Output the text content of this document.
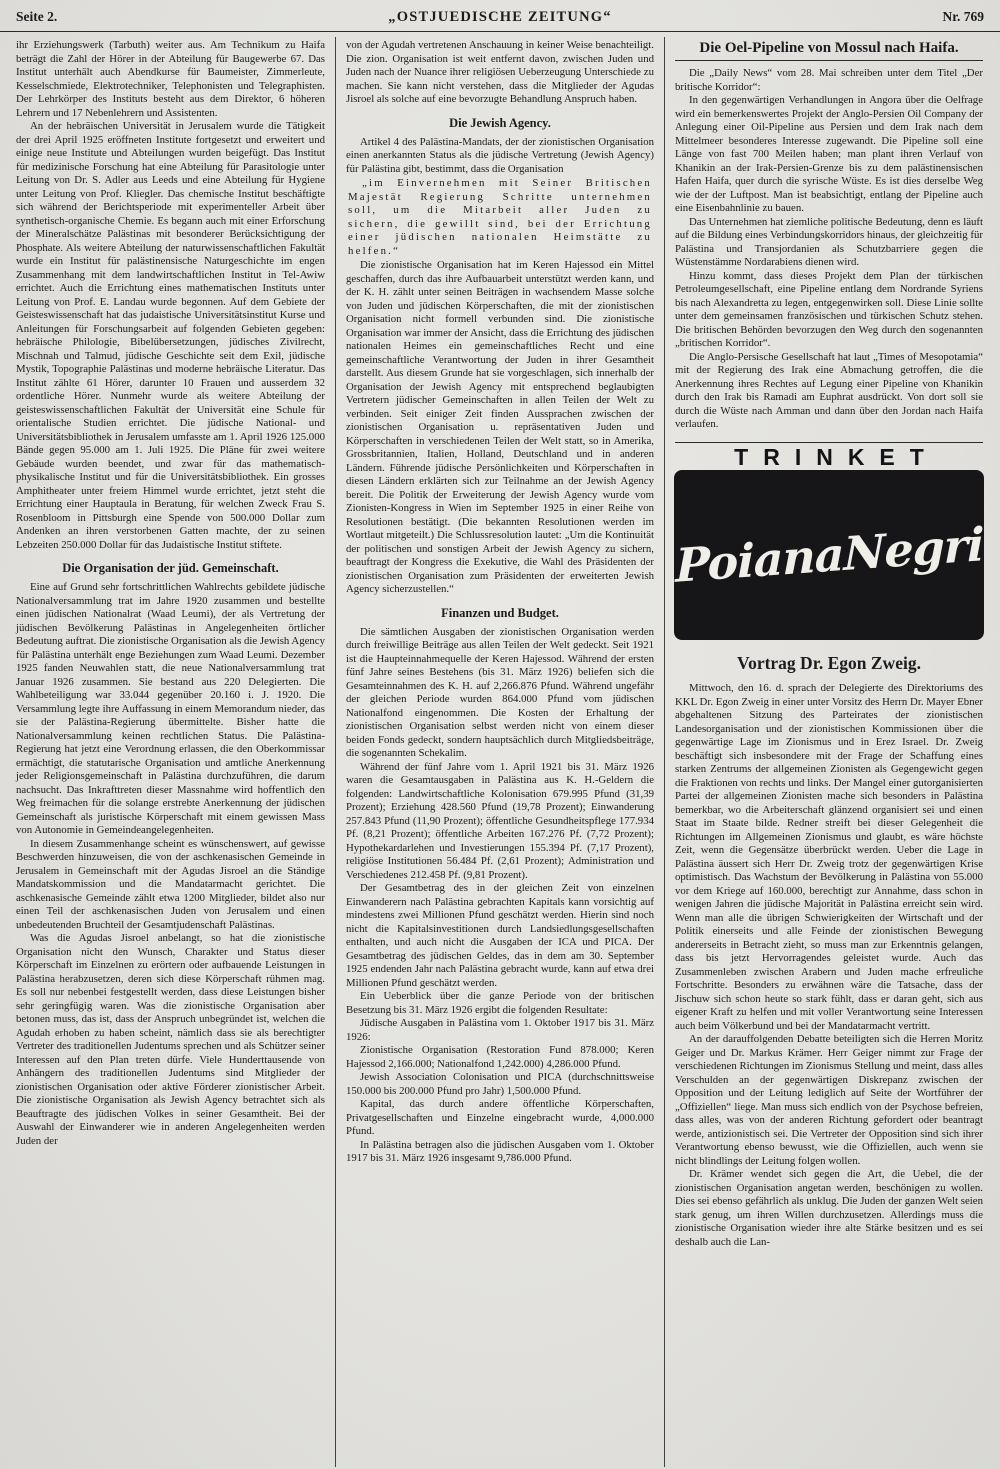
Seite 2.	„OSTJUEDISCHE ZEITUNG“	Nr. 769

ihr Erziehungswerk (Tarbuth) weiter aus. Am Technikum zu Haifa beträgt die Zahl der Hörer in der Abteilung für Baugewerbe 67. Das Institut unterhält auch Abendkurse für Baumeister, Zimmerleute, Kesselschmiede, Elektrotechniker, Telephonisten und Telegraphisten. Der Lehrkörper des Instituts besteht aus dem Direktor, 6 höheren Lehrern und 17 Nebenlehrern und Assistenten.

An der hebräischen Universität in Jerusalem wurde die Tätigkeit der drei April 1925 eröffneten Institute fortgesetzt und erweitert und einige neue Institute und Abteilungen wurden beigefügt. Das Institut für medizinische Forschung hat eine Abteilung für Parasitologie unter Leitung von Dr. S. Adler aus Leeds und eine Abteilung für Hygiene unter Leitung von Prof. Kliegler. Das chemische Institut beschäftigte sich während der Berichtsperiode mit experimenteller Arbeit über synthetisch-organische Chemie. Es begann auch mit einer Erforschung der Mineralschätze Palästinas mit besonderer Berücksichtigung der Phosphate. Als weitere Abteilung der naturwissenschaftlichen Fakultät wurde ein Institut für palästinensische Naturgeschichte im engen Zusammenhang mit dem landwirtschaftlichen Institut in Tel-Awiw errichtet. Auch die Errichtung eines mathematischen Instituts unter Leitung von Prof. E. Landau wurde begonnen. Auf dem Gebiete der Geisteswissenschaft hat das judaistische Universitätsinstitut Kurse und Anleitungen für Forschungsarbeit auf folgenden Gebieten gegeben: hebräische Philologie, Bibelübersetzungen, jüdisches Zivilrecht, Mischnah und Talmud, jüdische Geschichte seit dem Exil, jüdische Mystik, Topographie Palästinas und moderne hebräische Literatur. Das Institut zählte 61 Hörer, darunter 10 Frauen und ausserdem 32 ordentliche Hörer. Nunmehr wurde als weitere Abteilung der geisteswissenschaftlichen Fakultät der Universität eine Schule für orientalische Studien errichtet. Die jüdische National- und Universitätsbibliothek in Jerusalem umfasste am 1. April 1926 125.000 Bände gegen 95.000 am 1. Juli 1925. Die Pläne für zwei weitere Gebäude wurden beendet, und zwar für das mathematisch-physikalische Institut und für die Universitätsbibliothek. Ein grosses Amphitheater unter freiem Himmel wurde errichtet, jetzt steht die Errichtung einer Hauptaula in Beratung, für welchen Zweck Frau S. Rosenbloom in Pittsburgh eine Spende von 500.000 Dollar zum Andenken an ihren verstorbenen Gatten machte, der zu seinen Lebzeiten 250.000 Dollar für das Judaistische Institut stiftete.

Die Organisation der jüd. Gemeinschaft.

Eine auf Grund sehr fortschrittlichen Wahlrechts gebildete jüdische Nationalversammlung trat im Jahre 1920 zusammen und bestellte einen jüdischen Nationalrat (Waad Leumi), der als Vertretung der jüdischen Bevölkerung Palästinas in Angelegenheiten örtlicher Bedeutung auftrat. Die zionistische Organisation als die Jewish Agency für Palästina unterhält enge Beziehungen zum Waad Leumi. Dezember 1925 fanden Neuwahlen statt, die neue Nationalversammlung trat Januar 1926 zusammen. Sie bestand aus 220 Delegierten. Die Wahlbeteiligung war 33.044 gegenüber 20.160 i. J. 1920. Die Versammlung legte ihre Auffassung in einem Memorandum nieder, das sie der Palästina-Regierung übermittelte. Bisher hatte die Nationalversammlung keinen rechtlichen Status. Die Palästina-Regierung hat jetzt eine Verordnung erlassen, die den Oberkommissar ermächtigt, die statutarische Organisation und amtliche Anerkennung jeder Religionsgemeinschaft in Palästina durchzuführen, die darum nachsucht. Das Inkrafttreten dieser Massnahme wird hoffentlich den Weg freimachen für die solange erstrebte Anerkennung der jüdischen Gemeinschaft als juristische Körperschaft mit einem gewissen Mass von Autonomie in Gemeindeangelegenheiten.

In diesem Zusammenhange scheint es wünschenswert, auf gewisse Beschwerden hinzuweisen, die von der aschkenasischen Gemeinde in Jerusalem in Gemeinschaft mit der Agudas Jisroel an die Ständige Mandatskommission und die Mandatarmacht gerichtet. Die aschkenasische Gemeinde zählt etwa 1200 Mitglieder, bildet also nur einen Teil der aschkenasischen Juden von Jerusalem und einen unbedeutenden Bruchteil der Gesamtjudenschaft Palästinas.

Was die Agudas Jisroel anbelangt, so hat die zionistische Organisation nicht den Wunsch, Charakter und Status dieser Körperschaft im Einzelnen zu erörtern oder aufbauende Leistungen in Palästina herabzusetzen, deren sich diese Körperschaft rühmen mag. Es soll nur nebenbei festgestellt werden, dass diese Leistungen bisher sehr geringfügig waren. Was die zionistische Organisation aber betonen muss, das ist, dass der Anspruch unbegründet ist, welchen die Agudah erhoben zu haben scheint, nämlich dass sie als berechtigter Vertreter des traditionellen Judentums sprechen und als Schützer seiner Interessen auf den Plan treten dürfe. Viele Hunderttausende von Anhängern des traditionellen Judentums sind Mitglieder der zionistischen Organisation oder aktive Förderer zionistischer Arbeit. Die zionistische Organisation als Jewish Agency betrachtet sich als Beauftragte des jüdischen Volkes in seiner Gesamtheit. Bei der Auswahl der Einwanderer wie in anderen Angelegenheiten werden Juden der

von der Agudah vertretenen Anschauung in keiner Weise benachteiligt. Die zion. Organisation ist weit entfernt davon, zwischen Juden und Juden nach der Nuance ihrer religiösen Ueberzeugung Unterschiede zu machen. Sie kann nicht verstehen, dass die Mitglieder der Agudas Jisroel als solche auf eine bevorzugte Behandlung Anspruch haben.

Die Jewish Agency.

Artikel 4 des Palästina-Mandats, der der zionistischen Organisation einen anerkannten Status als die jüdische Vertretung (Jewish Agency) für Palästina gibt, bestimmt, dass die Organisation

„im Einvernehmen mit Seiner Britischen Majestät Regierung Schritte unternehmen soll, um die Mitarbeit aller Juden zu sichern, die gewillt sind, bei der Errichtung einer jüdischen nationalen Heimstätte zu helfen.“

Die zionistische Organisation hat im Keren Hajessod ein Mittel geschaffen, durch das ihre Aufbauarbeit unterstützt werden kann, und der K. H. zählt unter seinen Beiträgen in wachsendem Masse solche von Juden und jüdischen Körperschaften, die mit der zionistischen Organisation nicht formell verbunden sind. Die zionistische Organisation war immer der Ansicht, dass die Errichtung des jüdischen nationalen Heimes ein gemeinschaftliches Recht und eine gemeinschaftliche Verantwortung der Juden in ihrer Gesamtheit darstellt. Aus diesem Grunde hat sie vorgeschlagen, sich innerhalb der Organisation der Jewish Agency mit entsprechend beglaubigten Vertretern jüdischer Gemeinschaften in allen Teilen der Welt zu verbinden. Seit einiger Zeit finden Aussprachen zwischen der zionistischen Organisation u. repräsentativen Juden und Körperschaften in verschiedenen Teilen der Welt statt, so in Amerika, Grossbritannien, Italien, Holland, Deutschland und in anderen Ländern. Führende jüdische Persönlichkeiten und Körperschaften in diesen Ländern erklärten sich zur Teilnahme an der Jewish Agency bereit. Die Politik der Erweiterung der Jewish Agency wurde vom Zionisten-Kongress in Wien im September 1925 in einer Reihe von Resolutionen bestätigt. (Die bekannten Resolutionen werden im Wortlaut mitgeteilt.) Die Schlussresolution lautet: „Um die Kontinuität der politischen und sonstigen Arbeit der Jewish Agency zu sichern, beauftragt der Kongress die Exekutive, die Wahl des Präsidenten der zionistischen Organisation zum Präsidenten der erweiterten Jewish Agency sicherzustellen.“

Finanzen und Budget.

Die sämtlichen Ausgaben der zionistischen Organisation werden durch freiwillige Beiträge aus allen Teilen der Welt gedeckt. Seit 1921 ist die Haupteinnahmequelle der Keren Hajessod. Während der ersten fünf Jahre seines Bestehens (bis 31. März 1926) beliefen sich die Gesamteinnahmen des K. H. auf 2,266.876 Pfund. Während ungefähr der gleichen Periode wurden 864.000 Pfund vom jüdischen Nationalfond eingenommen. Die Kosten der Erhaltung der zionistischen Organisation selbst werden nicht von einem dieser beiden Fonds gedeckt, sondern hauptsächlich durch Mitgliedsbeiträge, die sogenannten Schekalim.

Während der fünf Jahre vom 1. April 1921 bis 31. März 1926 waren die Gesamtausgaben in Palästina aus K. H.-Geldern die folgenden: Landwirtschaftliche Kolonisation 679.995 Pfund (31,39 Prozent); Erziehung 428.560 Pfund (19,78 Prozent); Einwanderung 257.843 Pfund (11,90 Prozent); öffentliche Gesundheitspflege 177.934 Pf. (8,21 Prozent); öffentliche Arbeiten 167.276 Pf. (7,72 Prozent); Hypothekardarlehen und Investierungen 155.394 Pf. (7,17 Prozent), religiöse Institutionen 56.484 Pf. (2,61 Prozent); Administration und Verschiedenes 212.458 Pf. (9,81 Prozent).

Der Gesamtbetrag des in der gleichen Zeit von einzelnen Einwanderern nach Palästina gebrachten Kapitals kann vorsichtig auf mindestens zwei Millionen Pfund geschätzt werden. Hierin sind noch nicht die Kapitalsinvestitionen durch Landsiedlungsgesellschaften enthalten, und auch nicht die Ausgaben der ICA und PICA. Der Gesamtbetrag des jüdischen Geldes, das in dem am 30. September 1925 endenden Jahr nach Palästina gebracht wurde, kann auf etwa drei Millionen Pfund geschätzt werden.

Ein Ueberblick über die ganze Periode von der britischen Besetzung bis 31. März 1926 ergibt die folgenden Resultate:

Jüdische Ausgaben in Palästina vom 1. Oktober 1917 bis 31. März 1926:

Zionistische Organisation (Restoration Fund 878.000; Keren Hajessod 2,166.000; Nationalfond 1,242.000) 4,286.000 Pfund.

Jewish Association Colonisation und PICA (durchschnittsweise 150.000 bis 200.000 Pfund pro Jahr) 1,500.000 Pfund.

Kapital, das durch andere öffentliche Körperschaften, Privatgesellschaften und Einzelne eingebracht wurde, 4,000.000 Pfund.

In Palästina betragen also die jüdischen Ausgaben vom 1. Oktober 1917 bis 31. März 1926 insgesamt 9,786.000 Pfund.

Die Oel-Pipeline von Mossul nach Haifa.

Die „Daily News“ vom 28. Mai schreiben unter dem Titel „Der britische Korridor“:

In den gegenwärtigen Verhandlungen in Angora über die Oelfrage wird ein bemerkenswertes Projekt der Anglo-Persien Oil Company der Anlegung einer Oil-Pipeline aus Persien und dem Irak nach dem Mittelmeer besonderes Interesse zugewandt. Die Pipeline soll eine Länge von fast 700 Meilen haben; man plant ihren Verlauf von Khanikin an der Irak-Persien-Grenze bis zu dem palästinensischen Hafen Haifa, quer durch die syrische Wüste. Es ist dies derselbe Weg wie der der Luftpost. Man ist beabsichtigt, entlang der Pipeline auch eine Eisenbahnlinie zu bauen.

Das Unternehmen hat ziemliche politische Bedeutung, denn es läuft auf die Bildung eines Verbindungskorridors hinaus, der gleichzeitig für Palästina und Transjordanien als Schutzbarriere gegen die Wüstenstämme Nordarabiens dienen wird.

Hinzu kommt, dass dieses Projekt dem Plan der türkischen Petroleumgesellschaft, eine Pipeline entlang dem Nordrande Syriens bis nach Alexandretta zu legen, entgegenwirken soll. Diese Linie sollte unter dem gemeinsamen französischen und türkischen Schutz stehen. Die britischen Behörden bevorzugen den Weg durch den sogenannten „britischen Korridor“.

Die Anglo-Persische Gesellschaft hat laut „Times of Mesopotamia“ mit der Regierung des Irak eine Abmachung getroffen, die die Anerkennung ihres Rechtes auf Legung einer Pipeline von Khanikin durch den Irak bis Ramadi am Euphrat ausdrückt. Von dort soll sie durch die Wüste nach Amman und dann über den Jordan nach Haifa verlaufen.

TRINKET
PoianaNegri
Vortrag Dr. Egon Zweig.

Mittwoch, den 16. d. sprach der Delegierte des Direktoriums des KKL Dr. Egon Zweig in einer unter Vorsitz des Herrn Dr. Mayer Ebner abgehaltenen Sitzung des Parteirates der zionistischen Landesorganisation und der zionistischen Kommissionen über die gegenwärtige Lage im Zionismus und in Erez Israel. Dr. Zweig beschäftigt sich insbesondere mit der Frage der Schaffung eines starken Zentrums der allgemeinen Zionisten als Gegengewicht gegen die Fraktionen von rechts und links. Der Mangel einer gutorganisierten Partei der allgemeinen Zionisten mache sich besonders in Palästina bemerkbar, wo die Arbeiterschaft glänzend organisiert sei und einen Staat im Staate bilde. Redner streift bei dieser Gelegenheit die Richtungen im Allgemeinen Zionismus und glaubt, es wäre höchste Zeit, wenn die Gegensätze überbrückt werden. Ueber die Lage in Palästina äussert sich Herr Dr. Zweig trotz der gegenwärtigen Krise optimistisch. Das Wachstum der Bevölkerung in Palästina von 55.000 vor dem Kriege auf 160.000, berechtigt zur Annahme, dass schon in wenigen Jahren die jüdische Majorität in Palästina erreicht sein wird. Wenn man alle die übrigen Schwierigkeiten der Wirtschaft und der Politik einerseits und alle Feinde der zionistischen Bewegung andererseits in Betracht zieht, so muss man zur Erkenntnis gelangen, dass bis jetzt Hervorragendes geleistet wurde. Auch das Zusammenleben zwischen Arabern und Juden mache erfreuliche Fortschritte. Besonders zu erwähnen wäre die Tatsache, dass der Jischuw sich schon heute so stark fühlt, dass er daran geht, sich aus eigener Kraft zu helfen und mit voller Verantwortung seine Interessen auch beim Völkerbund und bei der Mandatarmacht vertritt.

An der darauffolgenden Debatte beteiligten sich die Herren Moritz Geiger und Dr. Markus Krämer. Herr Geiger nimmt zur Frage der verschiedenen Richtungen im Zionismus Stellung und meint, dass alles Verschulden an der gegenwärtigen Diskrepanz zwischen der Opposition und der Leitung lediglich auf Seite der Wortführer der „Offiziellen“ liege. Man muss sich endlich von der Psychose befreien, dass alles, was von der anderen Richtung gefordert oder beantragt werde, antizionistisch sei. Die Vertreter der Opposition sind sich ihrer Verantwortung ebenso bewusst, wie die Offiziellen, auch wenn sie nicht blindlings der Leitung folgen wollen.

Dr. Krämer wendet sich gegen die Art, die Uebel, die der zionistischen Organisation angetan werden, beschönigen zu wollen. Dies sei ebenso gefährlich als unklug. Die Juden der ganzen Welt seien stark genug, um ihren Willen durchzusetzen. Allerdings muss die zionistische Organisation wieder ihre alte Stärke besitzen und es sei deshalb auch die Lan-
